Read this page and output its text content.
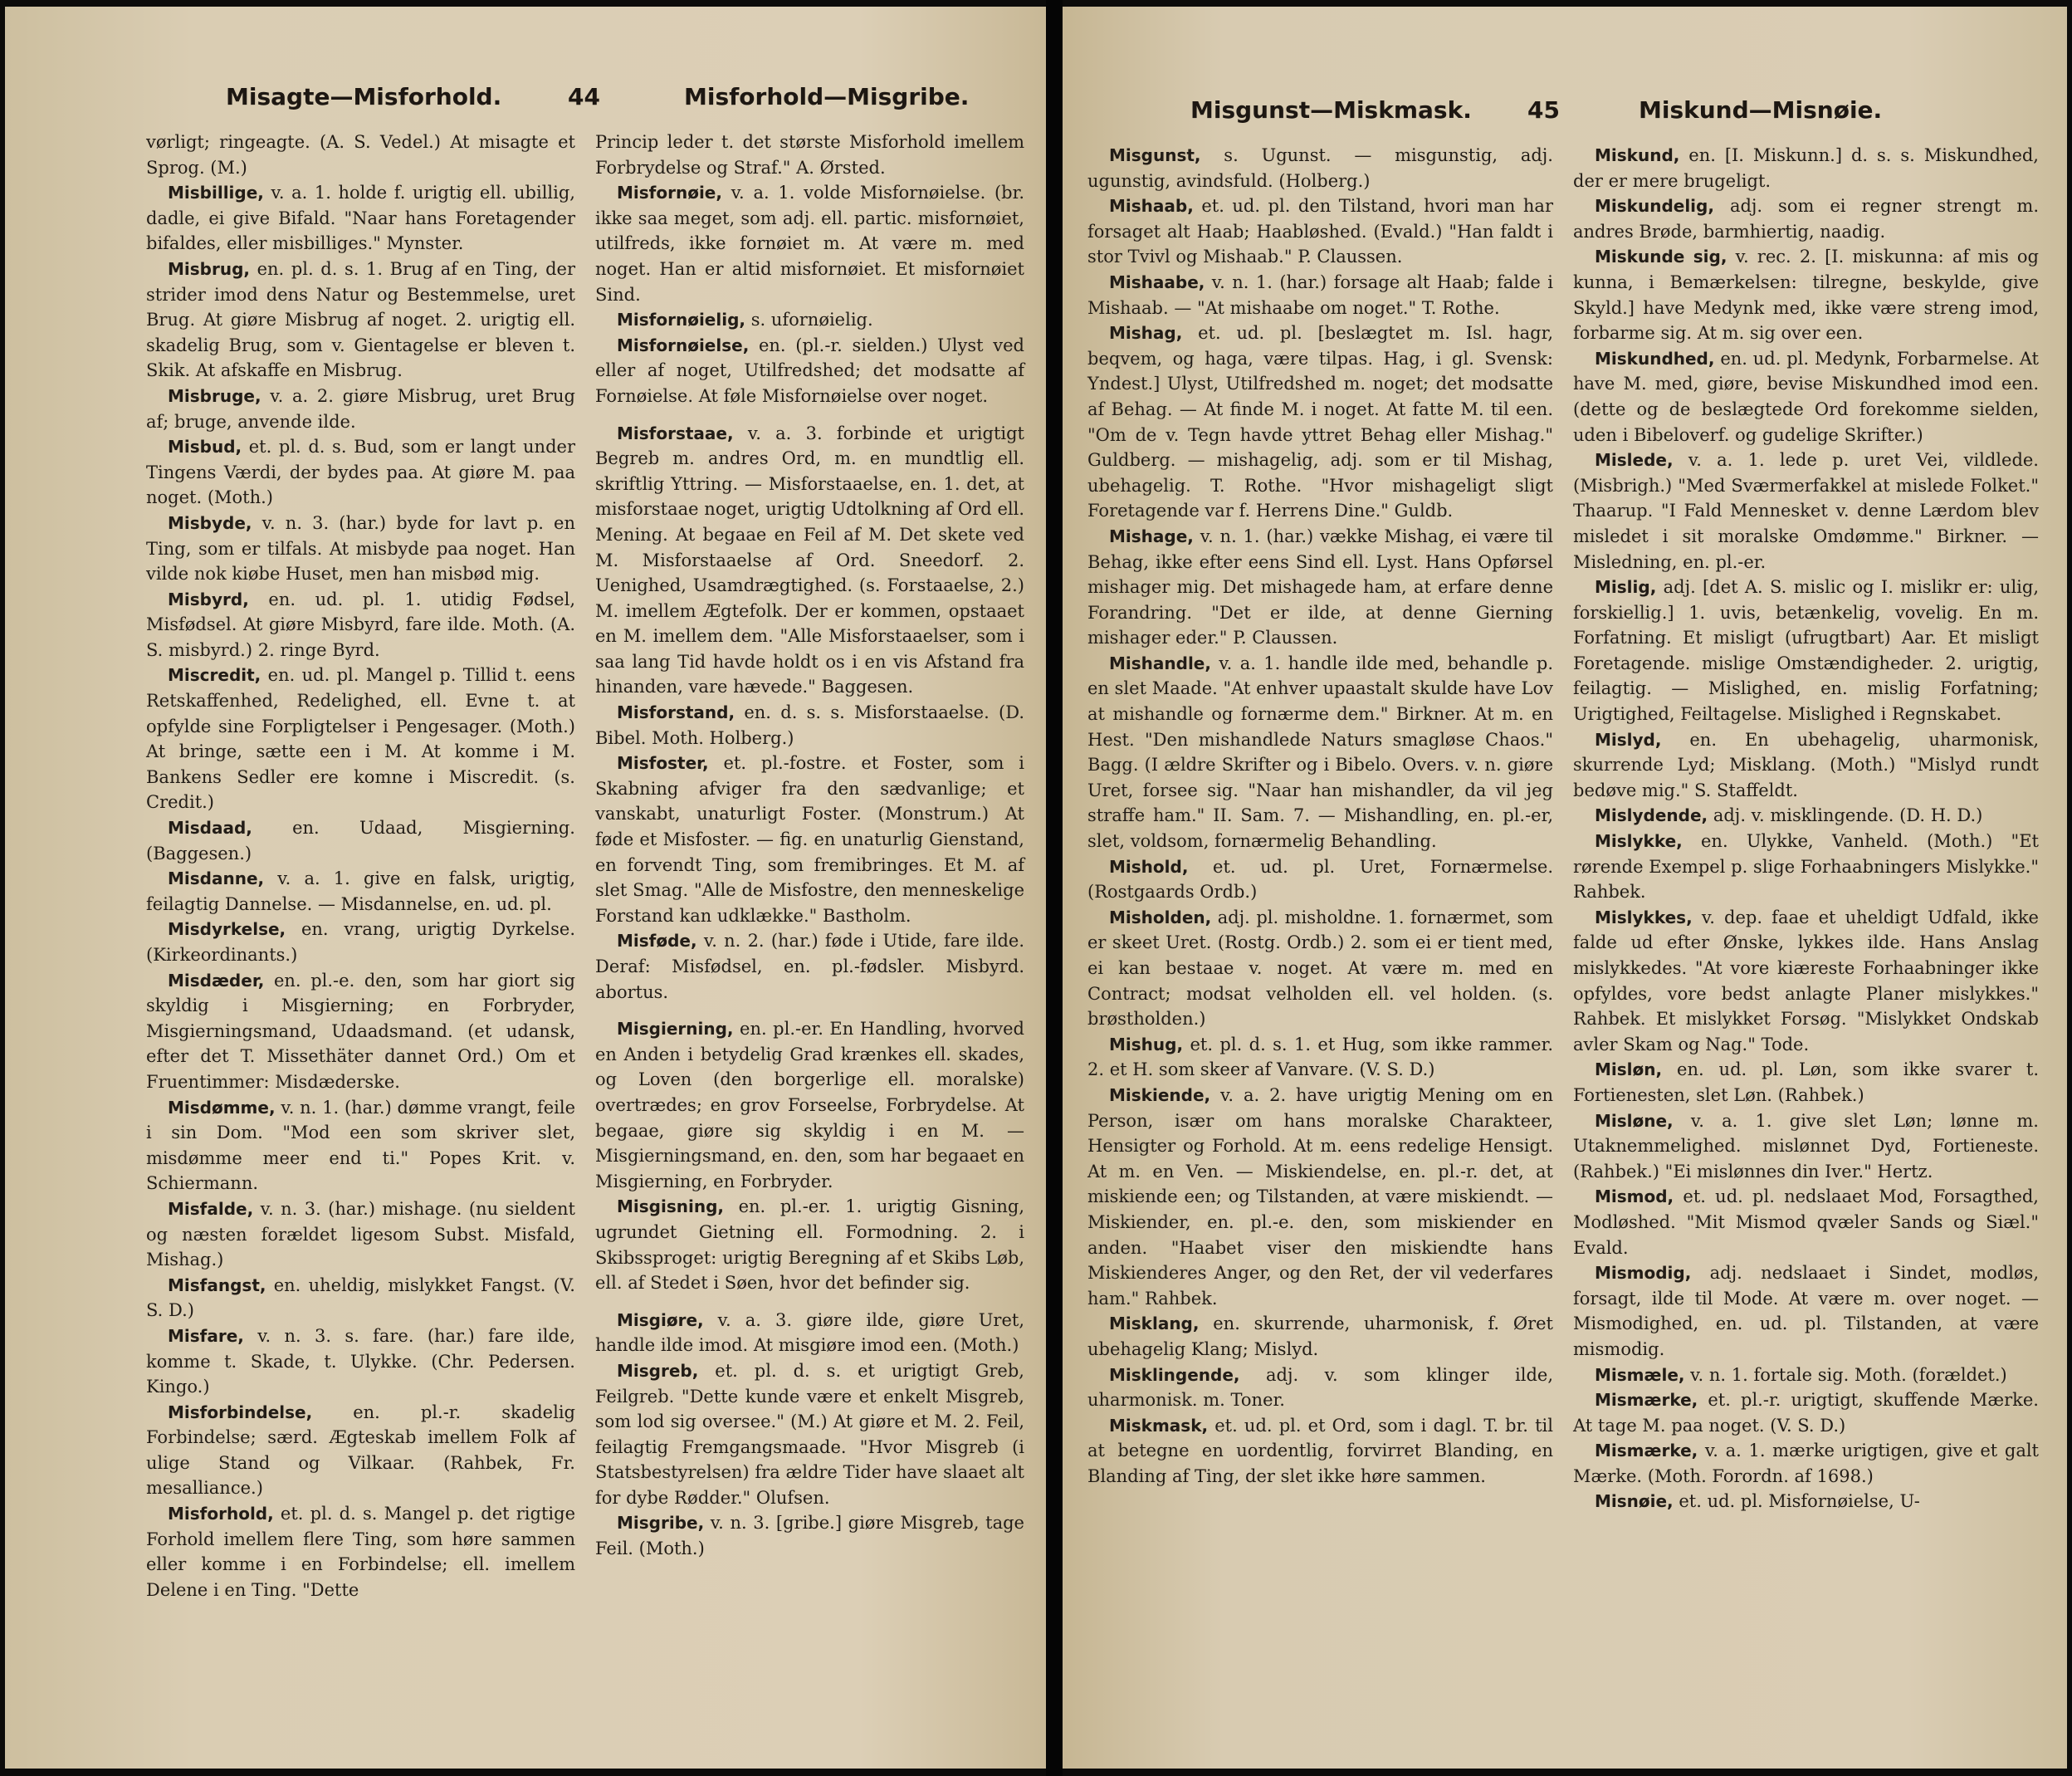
Misagte—Misforhold.	44	Misforhold—Misgribe.

vørligt; ringeagte. (A. S. Vedel.) At misagte et Sprog. (M.)

Misbillige, v. a. 1. holde f. urigtig ell. ubillig, dadle, ei give Bifald. "Naar hans Foretagender bifaldes, eller misbilliges." Mynster.

Misbrug, en. pl. d. s. 1. Brug af en Ting, der strider imod dens Natur og Bestemmelse, uret Brug. At giøre Misbrug af noget. 2. urigtig ell. skadelig Brug, som v. Gientagelse er bleven t. Skik. At afskaffe en Misbrug.

Misbruge, v. a. 2. giøre Misbrug, uret Brug af; bruge, anvende ilde.

Misbud, et. pl. d. s. Bud, som er langt under Tingens Værdi, der bydes paa. At giøre M. paa noget. (Moth.)

Misbyde, v. n. 3. (har.) byde for lavt p. en Ting, som er tilfals. At misbyde paa noget. Han vilde nok kiøbe Huset, men han misbød mig.

Misbyrd, en. ud. pl. 1. utidig Fødsel, Misfødsel. At giøre Misbyrd, fare ilde. Moth. (A. S. misbyrd.) 2. ringe Byrd.

Miscredit, en. ud. pl. Mangel p. Tillid t. eens Retskaffenhed, Redelighed, ell. Evne t. at opfylde sine Forpligtelser i Pengesager. (Moth.) At bringe, sætte een i M. At komme i M. Bankens Sedler ere komne i Miscredit. (s. Credit.)

Misdaad, en. Udaad, Misgierning. (Baggesen.)

Misdanne, v. a. 1. give en falsk, urigtig, feilagtig Dannelse. — Misdannelse, en. ud. pl.

Misdyrkelse, en. vrang, urigtig Dyrkelse. (Kirkeordinants.)

Misdæder, en. pl.-e. den, som har giort sig skyldig i Misgierning; en Forbryder, Misgierningsmand, Udaadsmand. (et udansk, efter det T. Missethäter dannet Ord.) Om et Fruentimmer: Misdæderske.

Misdømme, v. n. 1. (har.) dømme vrangt, feile i sin Dom. "Mod een som skriver slet, misdømme meer end ti." Popes Krit. v. Schiermann.

Misfalde, v. n. 3. (har.) mishage. (nu sieldent og næsten forældet ligesom Subst. Misfald, Mishag.)

Misfangst, en. uheldig, mislykket Fangst. (V. S. D.)

Misfare, v. n. 3. s. fare. (har.) fare ilde, komme t. Skade, t. Ulykke. (Chr. Pedersen. Kingo.)

Misforbindelse, en. pl.-r. skadelig Forbindelse; særd. Ægteskab imellem Folk af ulige Stand og Vilkaar. (Rahbek, Fr. mesalliance.)

Misforhold, et. pl. d. s. Mangel p. det rigtige Forhold imellem flere Ting, som høre sammen eller komme i en Forbindelse; ell. imellem Delene i en Ting. "Dette

Princip leder t. det største Misforhold imellem Forbrydelse og Straf." A. Ørsted.

Misfornøie, v. a. 1. volde Misfornøielse. (br. ikke saa meget, som adj. ell. partic. misfornøiet, utilfreds, ikke fornøiet m. At være m. med noget. Han er altid misfornøiet. Et misfornøiet Sind.

Misfornøielig, s. ufornøielig.

Misfornøielse, en. (pl.-r. sielden.) Ulyst ved eller af noget, Utilfredshed; det modsatte af Fornøielse. At føle Misfornøielse over noget.

Misforstaae, v. a. 3. forbinde et urigtigt Begreb m. andres Ord, m. en mundtlig ell. skriftlig Yttring. — Misforstaaelse, en. 1. det, at misforstaae noget, urigtig Udtolkning af Ord ell. Mening. At begaae en Feil af M. Det skete ved M. Misforstaaelse af Ord. Sneedorf. 2. Uenighed, Usamdrægtighed. (s. Forstaaelse, 2.) M. imellem Ægtefolk. Der er kommen, opstaaet en M. imellem dem. "Alle Misforstaaelser, som i saa lang Tid havde holdt os i en vis Afstand fra hinanden, vare hævede." Baggesen.

Misforstand, en. d. s. s. Misforstaaelse. (D. Bibel. Moth. Holberg.)

Misfoster, et. pl.-fostre. et Foster, som i Skabning afviger fra den sædvanlige; et vanskabt, unaturligt Foster. (Monstrum.) At føde et Misfoster. — fig. en unaturlig Gienstand, en forvendt Ting, som fremibringes. Et M. af slet Smag. "Alle de Misfostre, den menneskelige Forstand kan udklække." Bastholm.

Misføde, v. n. 2. (har.) føde i Utide, fare ilde. Deraf: Misfødsel, en. pl.-fødsler. Misbyrd. abortus.

Misgierning, en. pl.-er. En Handling, hvorved en Anden i betydelig Grad krænkes ell. skades, og Loven (den borgerlige ell. moralske) overtrædes; en grov Forseelse, Forbrydelse. At begaae, giøre sig skyldig i en M. — Misgierningsmand, en. den, som har begaaet en Misgierning, en Forbryder.

Misgisning, en. pl.-er. 1. urigtig Gisning, ugrundet Gietning ell. Formodning. 2. i Skibssproget: urigtig Beregning af et Skibs Løb, ell. af Stedet i Søen, hvor det befinder sig.

Misgiøre, v. a. 3. giøre ilde, giøre Uret, handle ilde imod. At misgiøre imod een. (Moth.)

Misgreb, et. pl. d. s. et urigtigt Greb, Feilgreb. "Dette kunde være et enkelt Misgreb, som lod sig oversee." (M.) At giøre et M. 2. Feil, feilagtig Fremgangsmaade. "Hvor Misgreb (i Statsbestyrelsen) fra ældre Tider have slaaet alt for dybe Rødder." Olufsen.

Misgribe, v. n. 3. [gribe.] giøre Misgreb, tage Feil. (Moth.)

Misgunst—Miskmask. 45	Miskund—Misnøie.

Misgunst, s. Ugunst. — misgunstig, adj. ugunstig, avindsfuld. (Holberg.)

Mishaab, et. ud. pl. den Tilstand, hvori man har forsaget alt Haab; Haabløshed. (Evald.) "Han faldt i stor Tvivl og Mishaab." P. Claussen.

Mishaabe, v. n. 1. (har.) forsage alt Haab; falde i Mishaab. — "At mishaabe om noget." T. Rothe.

Mishag, et. ud. pl. [beslægtet m. Isl. hagr, beqvem, og haga, være tilpas. Hag, i gl. Svensk: Yndest.] Ulyst, Utilfredshed m. noget; det modsatte af Behag. — At finde M. i noget. At fatte M. til een. "Om de v. Tegn havde yttret Behag eller Mishag." Guldberg. — mishagelig, adj. som er til Mishag, ubehagelig. T. Rothe. "Hvor mishageligt sligt Foretagende var f. Herrens Dine." Guldb.

Mishage, v. n. 1. (har.) vække Mishag, ei være til Behag, ikke efter eens Sind ell. Lyst. Hans Opførsel mishager mig. Det mishagede ham, at erfare denne Forandring. "Det er ilde, at denne Gierning mishager eder." P. Claussen.

Mishandle, v. a. 1. handle ilde med, behandle p. en slet Maade. "At enhver upaastalt skulde have Lov at mishandle og fornærme dem." Birkner. At m. en Hest. "Den mishandlede Naturs smagløse Chaos." Bagg. (I ældre Skrifter og i Bibelo. Overs. v. n. giøre Uret, forsee sig. "Naar han mishandler, da vil jeg straffe ham." II. Sam. 7. — Mishandling, en. pl.-er, slet, voldsom, fornærmelig Behandling.

Mishold, et. ud. pl. Uret, Fornærmelse. (Rostgaards Ordb.)

Misholden, adj. pl. misholdne. 1. fornærmet, som er skeet Uret. (Rostg. Ordb.) 2. som ei er tient med, ei kan bestaae v. noget. At være m. med en Contract; modsat velholden ell. vel holden. (s. brøstholden.)

Mishug, et. pl. d. s. 1. et Hug, som ikke rammer. 2. et H. som skeer af Vanvare. (V. S. D.)

Miskiende, v. a. 2. have urigtig Mening om en Person, især om hans moralske Charakteer, Hensigter og Forhold. At m. eens redelige Hensigt. At m. en Ven. — Miskiendelse, en. pl.-r. det, at miskiende een; og Tilstanden, at være miskiendt. — Miskiender, en. pl.-e. den, som miskiender en anden. "Haabet viser den miskiendte hans Miskienderes Anger, og den Ret, der vil vederfares ham." Rahbek.

Misklang, en. skurrende, uharmonisk, f. Øret ubehagelig Klang; Mislyd.

Misklingende, adj. v. som klinger ilde, uharmonisk. m. Toner.

Miskmask, et. ud. pl. et Ord, som i dagl. T. br. til at betegne en uordentlig, forvirret Blanding, en Blanding af Ting, der slet ikke høre sammen.

Miskund, en. [I. Miskunn.] d. s. s. Miskundhed, der er mere brugeligt.

Miskundelig, adj. som ei regner strengt m. andres Brøde, barmhiertig, naadig.

Miskunde sig, v. rec. 2. [I. miskunna: af mis og kunna, i Bemærkelsen: tilregne, beskylde, give Skyld.] have Medynk med, ikke være streng imod, forbarme sig. At m. sig over een.

Miskundhed, en. ud. pl. Medynk, Forbarmelse. At have M. med, giøre, bevise Miskundhed imod een. (dette og de beslægtede Ord forekomme sielden, uden i Bibeloverf. og gudelige Skrifter.)

Mislede, v. a. 1. lede p. uret Vei, vildlede. (Misbrigh.) "Med Sværmerfakkel at mislede Folket." Thaarup. "I Fald Mennesket v. denne Lærdom blev misledet i sit moralske Omdømme." Birkner. — Misledning, en. pl.-er.

Mislig, adj. [det A. S. mislic og I. mislikr er: ulig, forskiellig.] 1. uvis, betænkelig, vovelig. En m. Forfatning. Et misligt (ufrugtbart) Aar. Et misligt Foretagende. mislige Omstændigheder. 2. urigtig, feilagtig. — Mislighed, en. mislig Forfatning; Urigtighed, Feiltagelse. Mislighed i Regnskabet.

Mislyd, en. En ubehagelig, uharmonisk, skurrende Lyd; Misklang. (Moth.) "Mislyd rundt bedøve mig." S. Staffeldt.

Mislydende, adj. v. misklingende. (D. H. D.)

Mislykke, en. Ulykke, Vanheld. (Moth.) "Et rørende Exempel p. slige Forhaabningers Mislykke." Rahbek.

Mislykkes, v. dep. faae et uheldigt Udfald, ikke falde ud efter Ønske, lykkes ilde. Hans Anslag mislykkedes. "At vore kiæreste Forhaabninger ikke opfyldes, vore bedst anlagte Planer mislykkes." Rahbek. Et mislykket Forsøg. "Mislykket Ondskab avler Skam og Nag." Tode.

Misløn, en. ud. pl. Løn, som ikke svarer t. Fortienesten, slet Løn. (Rahbek.)

Misløne, v. a. 1. give slet Løn; lønne m. Utaknemmelighed. mislønnet Dyd, Fortieneste. (Rahbek.) "Ei mislønnes din Iver." Hertz.

Mismod, et. ud. pl. nedslaaet Mod, Forsagthed, Modløshed. "Mit Mismod qvæler Sands og Siæl." Evald.

Mismodig, adj. nedslaaet i Sindet, modløs, forsagt, ilde til Mode. At være m. over noget. — Mismodighed, en. ud. pl. Tilstanden, at være mismodig.

Mismæle, v. n. 1. fortale sig. Moth. (forældet.)

Mismærke, et. pl.-r. urigtigt, skuffende Mærke. At tage M. paa noget. (V. S. D.)

Mismærke, v. a. 1. mærke urigtigen, give et galt Mærke. (Moth. Forordn. af 1698.)

Misnøie, et. ud. pl. Misfornøielse, U-
